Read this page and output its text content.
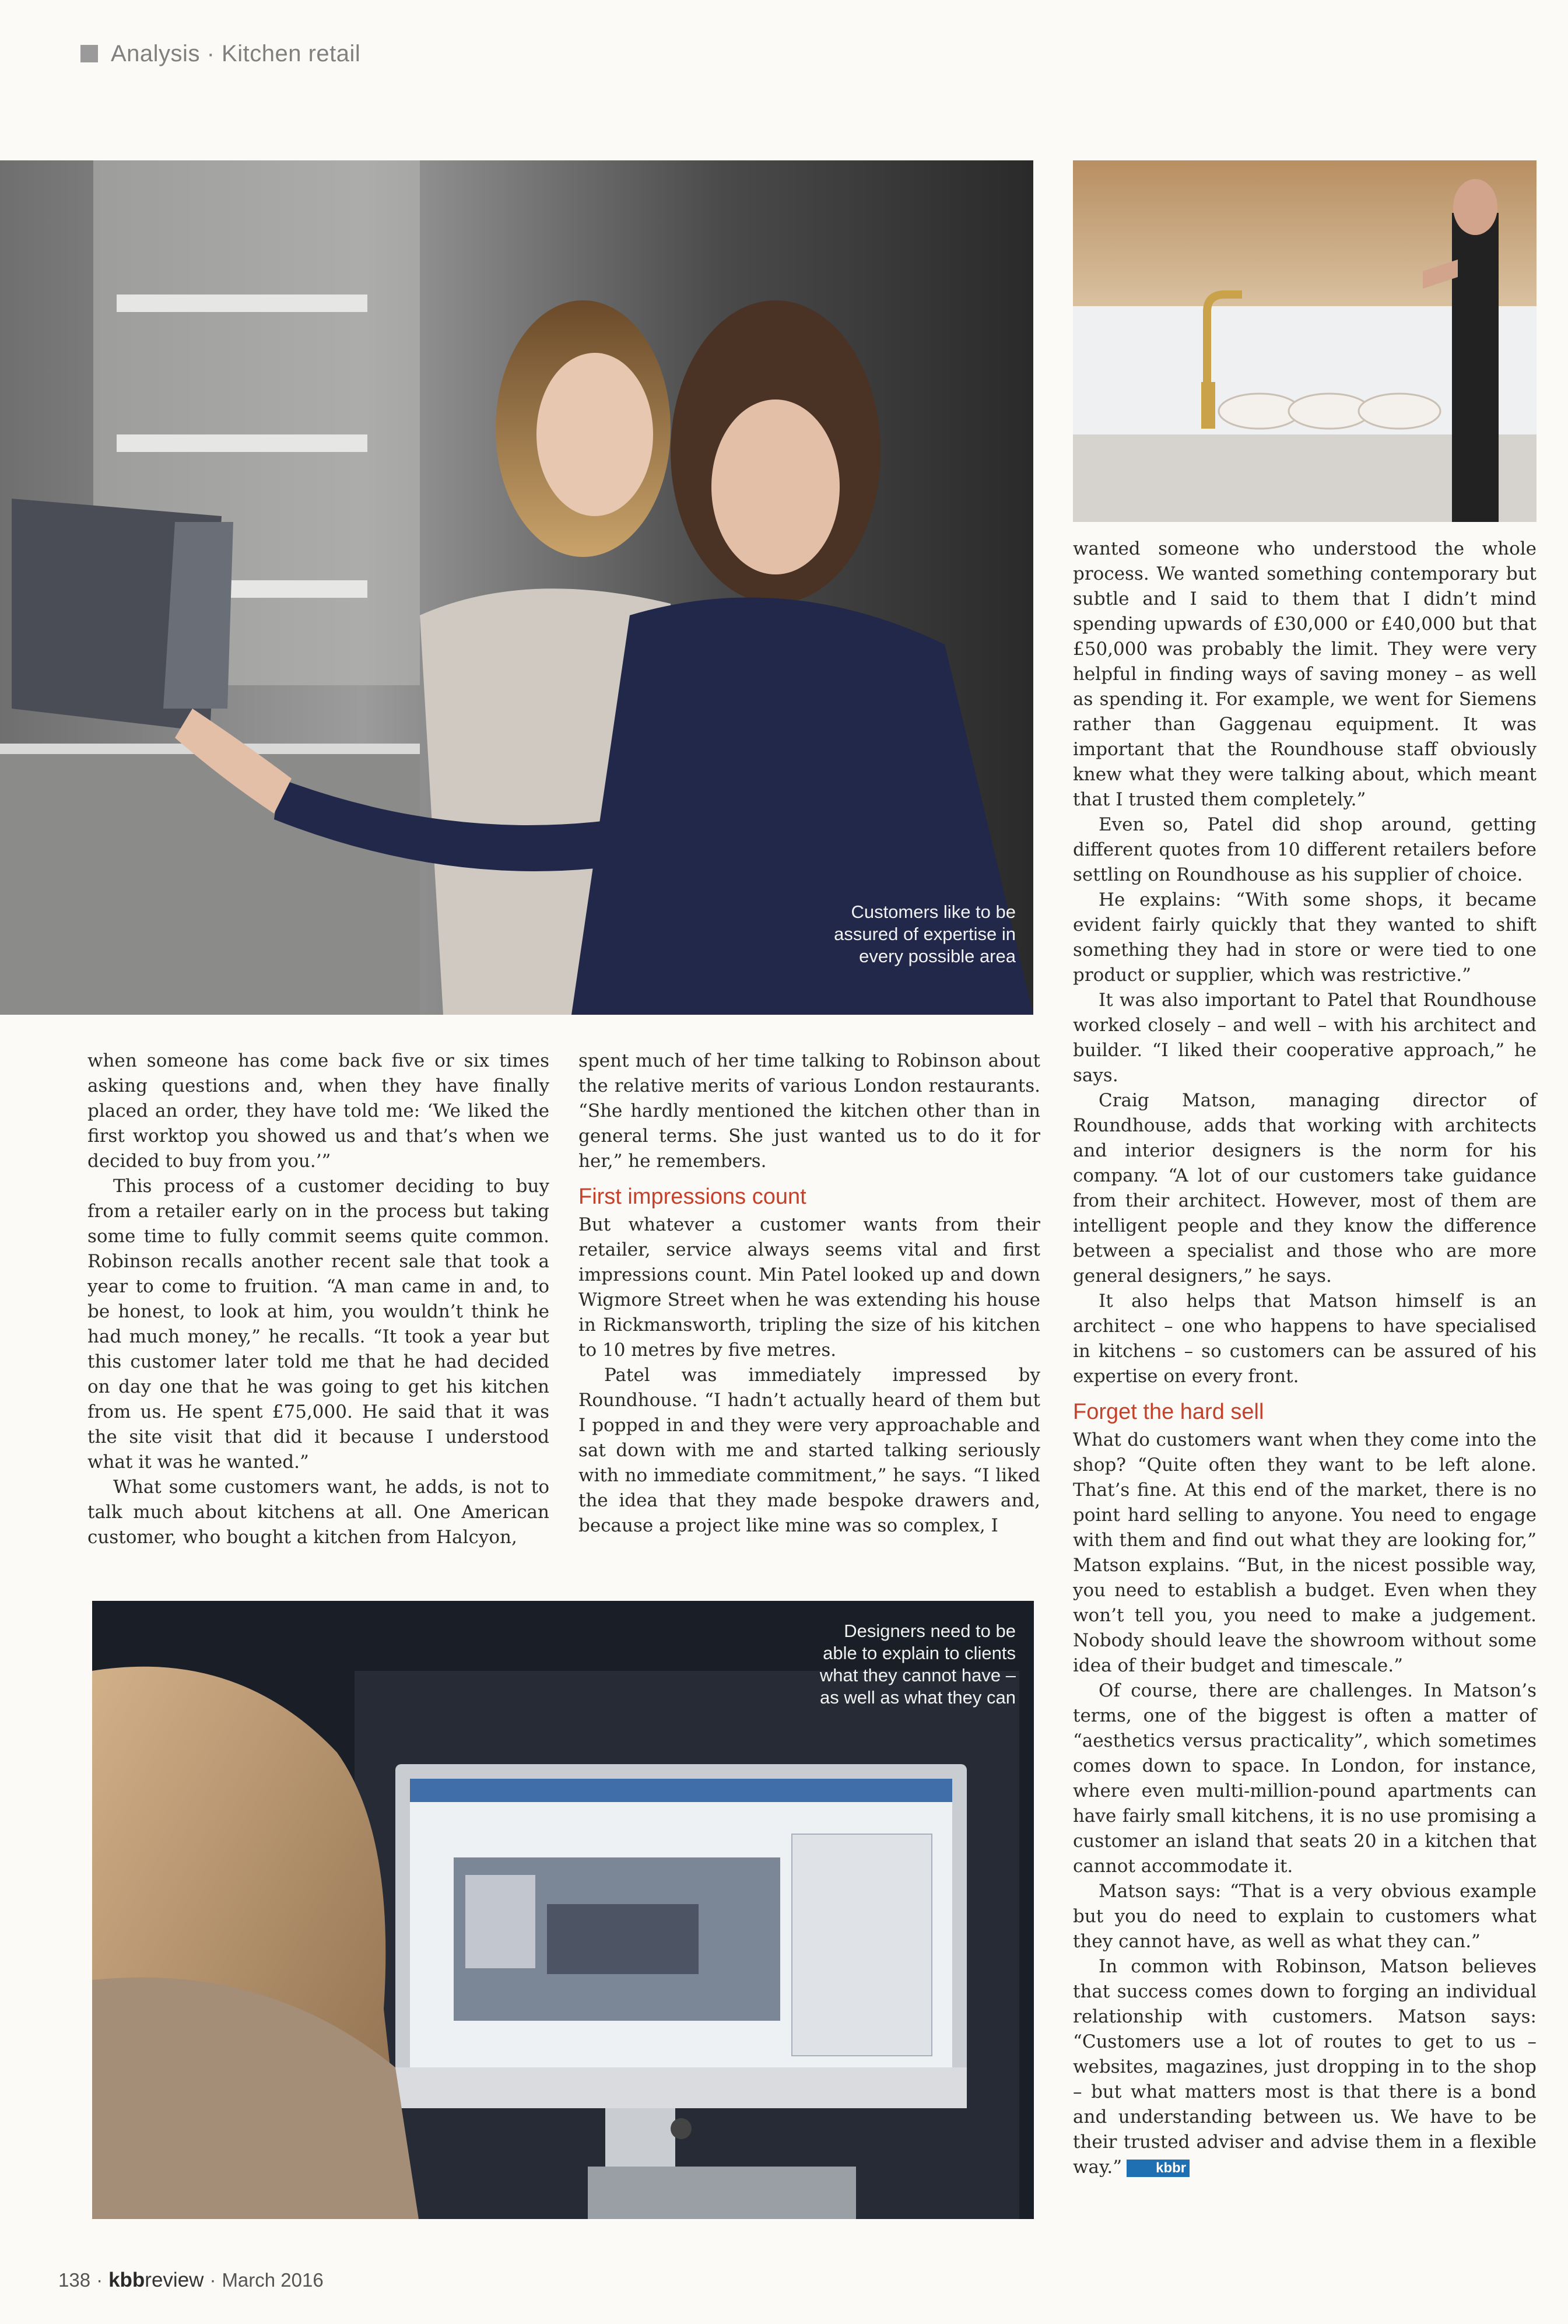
Analysis · Kitchen retail
Customers like to be
assured of expertise in
every possible area
Designers need to be
able to explain to clients
what they cannot have –
as well as what they can

when someone has come back five or six times asking questions and, when they have finally placed an order, they have told me: ‘We liked the first worktop you showed us and that’s when we decided to buy from you.’”

This process of a customer deciding to buy from a retailer early on in the process but taking some time to fully commit seems quite common. Robinson recalls another recent sale that took a year to come to fruition. “A man came in and, to be honest, to look at him, you wouldn’t think he had much money,” he recalls. “It took a year but this customer later told me that he had decided on day one that he was going to get his kitchen from us. He spent £75,000. He said that it was the site visit that did it because I understood what it was he wanted.”

What some customers want, he adds, is not to talk much about kitchens at all. One American customer, who bought a kitchen from Halcyon,

spent much of her time talking to Robinson about the relative merits of various London restaurants. “She hardly mentioned the kitchen other than in general terms. She just wanted us to do it for her,” he remembers.

First impressions count

But whatever a customer wants from their retailer, service always seems vital and first impressions count. Min Patel looked up and down Wigmore Street when he was extending his house in Rickmansworth, tripling the size of his kitchen to 10 metres by five metres.

Patel was immediately impressed by Roundhouse. “I hadn’t actually heard of them but I popped in and they were very approachable and sat down with me and started talking seriously with no immediate commitment,” he says. “I liked the idea that they made bespoke drawers and, because a project like mine was so complex, I

wanted someone who understood the whole process. We wanted something contemporary but subtle and I said to them that I didn’t mind spending upwards of £30,000 or £40,000 but that £50,000 was probably the limit. They were very helpful in finding ways of saving money – as well as spending it. For example, we went for Siemens rather than Gaggenau equipment. It was important that the Roundhouse staff obviously knew what they were talking about, which meant that I trusted them completely.”

Even so, Patel did shop around, getting different quotes from 10 different retailers before settling on Roundhouse as his supplier of choice.

He explains: “With some shops, it became evident fairly quickly that they wanted to shift something they had in store or were tied to one product or supplier, which was restrictive.”

It was also important to Patel that Roundhouse worked closely – and well – with his architect and builder. “I liked their cooperative approach,” he says.

Craig Matson, managing director of Roundhouse, adds that working with architects and interior designers is the norm for his company. “A lot of our customers take guidance from their architect. However, most of them are intelligent people and they know the difference between a specialist and those who are more general designers,” he says.

It also helps that Matson himself is an architect – one who happens to have specialised in kitchens – so customers can be assured of his expertise on every front.

Forget the hard sell

What do customers want when they come into the shop? “Quite often they want to be left alone. That’s fine. At this end of the market, there is no point hard selling to anyone. You need to engage with them and find out what they are looking for,” Matson explains. “But, in the nicest possible way, you need to establish a budget. Even when they won’t tell you, you need to make a judgement. Nobody should leave the showroom without some idea of their budget and timescale.”

Of course, there are challenges. In Matson’s terms, one of the biggest is often a matter of “aesthetics versus practicality”, which sometimes comes down to space. In London, for instance, where even multi-million-pound apartments can have fairly small kitchens, it is no use promising a customer an island that seats 20 in a kitchen that cannot accommodate it.

Matson says: “That is a very obvious example but you do need to explain to customers what they cannot have, as well as what they can.”

In common with Robinson, Matson believes that success comes down to forging an individual relationship with customers. Matson says: “Customers use a lot of routes to get to us – websites, magazines, just dropping in to the shop – but what matters most is that there is a bond and understanding between us. We have to be their trusted adviser and advise them in a flexible way.” kbbr

138 · kbbreview · March 2016
